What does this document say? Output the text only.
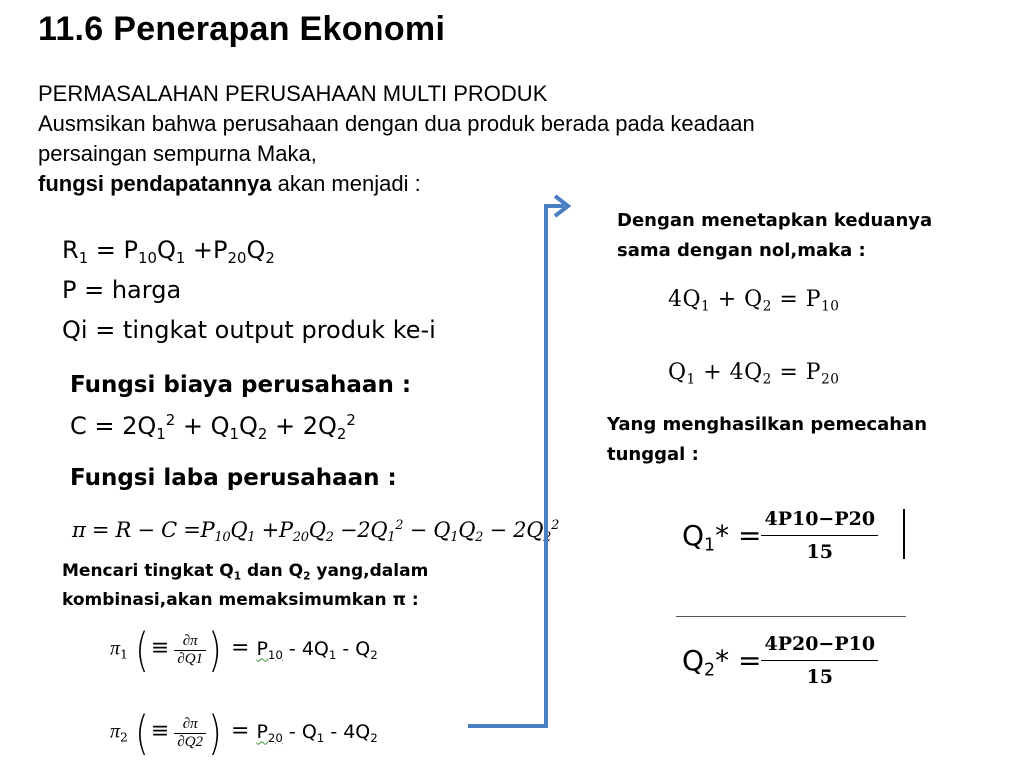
11.6 Penerapan Ekonomi
PERMASALAHAN PERUSAHAAN MULTI PRODUK
Ausmsikan bahwa perusahaan dengan dua produk berada pada keadaan
persaingan sempurna Maka,
fungsi pendapatannya akan menjadi :
$R_1 = P_{10}Q_1 +P_{20}Q_2$
P = harga
Qi = tingkat output produk ke-i
Fungsi biaya perusahaan :
$C = 2Q_1^2 + Q_1Q_2 + 2Q_2^2$
Fungsi laba perusahaan :
$\pi = R - C =P_{10}Q_1 +P_{20}Q_2 -2Q_1^2 - Q_1Q_2 - 2Q_2^2$
Mencari tingkat $Q_1$ dan $Q_2$ yang,dalam
kombinasi,akan memaksimumkan π :
$\pi_1$ ( ≡ $\frac{\partial\pi}{\partial Q1}$ ) = $P_{10} - 4Q_1 - Q_2$
$\pi_2$ ( ≡ $\frac{\partial\pi}{\partial Q2}$ ) = $P_{20} - Q_1 - 4Q_2$
Dengan menetapkan keduanya
sama dengan nol,maka :
$4Q_1 + Q_2 = P_{10}$
$Q_1 + 4Q_2 = P_{20}$
Yang menghasilkan pemecahan
tunggal :
$Q_1* = \frac{4P10-P20}{15}$
$Q_2* = \frac{4P20-P10}{15}$
